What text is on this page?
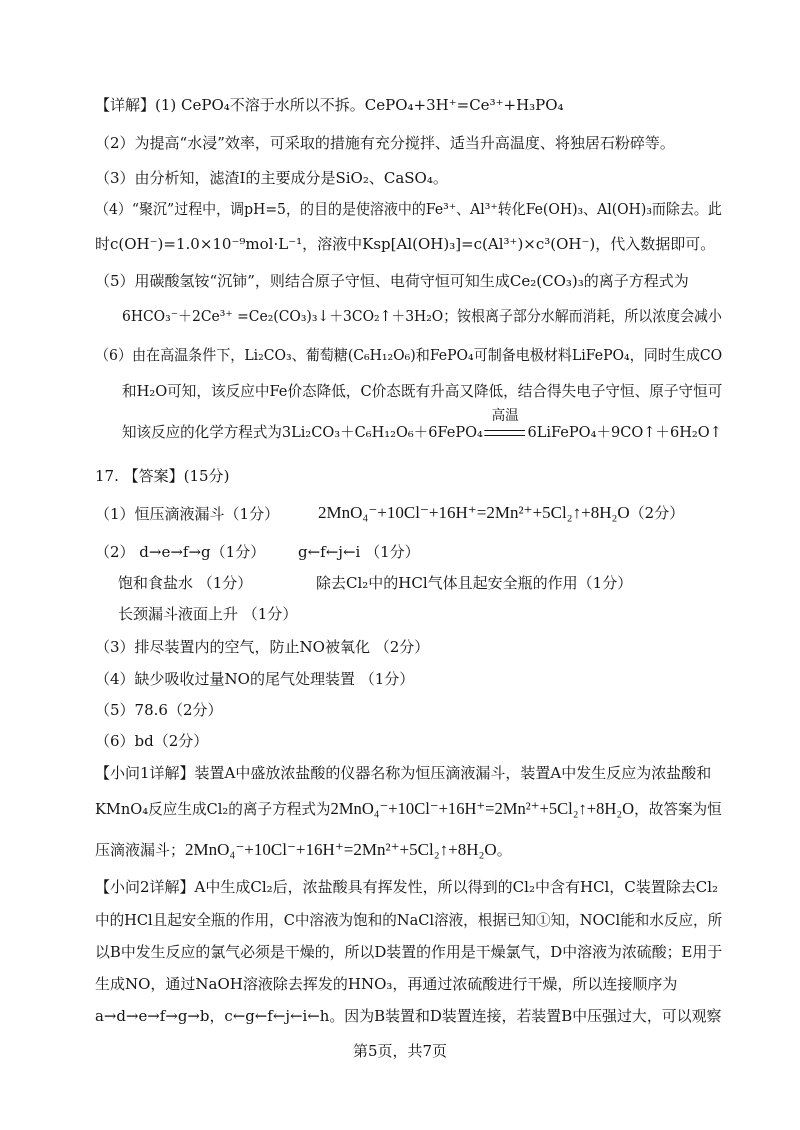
【详解】(1) CePO₄不溶于水所以不拆。CePO₄+3H⁺=Ce³⁺+H₃PO₄
（2）为提高“水浸”效率，可采取的措施有充分搅拌、适当升高温度、将独居石粉碎等。
（3）由分析知，滤渣Ⅰ的主要成分是SiO₂、CaSO₄。
（4）“聚沉”过程中，调pH=5，的目的是使溶液中的Fe³⁺、Al³⁺转化Fe(OH)₃、Al(OH)₃而除去。此
时c(OH⁻)=1.0×10⁻⁹mol·L⁻¹，溶液中Ksp[Al(OH)₃]=c(Al³⁺)×c³(OH⁻)，代入数据即可。
（5）用碳酸氢铵“沉铈”，则结合原子守恒、电荷守恒可知生成Ce₂(CO₃)₃的离子方程式为
6HCO₃⁻＋2Ce³⁺ =Ce₂(CO₃)₃↓＋3CO₂↑＋3H₂O；铵根离子部分水解而消耗，所以浓度会减小
（6）由在高温条件下，Li₂CO₃、葡萄糖(C₆H₁₂O₆)和FePO₄可制备电极材料LiFePO₄，同时生成CO
和H₂O可知，该反应中Fe价态降低，C价态既有升高又降低，结合得失电子守恒、原子守恒可
知该反应的化学方程式为3Li₂CO₃＋C₆H₁₂O₆＋6FePO₄
高温
6LiFePO₄＋9CO↑＋6H₂O↑
17. 【答案】(15分)
（1）恒压滴液漏斗（1分） 2MnO₄⁻+10Cl⁻+16H⁺=2Mn²⁺+5Cl₂↑+8H₂O（2分）
（2） d→e→f→g（1分） g←f←j←i （1分）
饱和食盐水 （1分）	除去Cl₂中的HCl气体且起安全瓶的作用（1分）
长颈漏斗液面上升 （1分）
（3）排尽装置内的空气，防止NO被氧化 （2分）
（4）缺少吸收过量NO的尾气处理装置 （1分）
（5）78.6（2分）
（6）bd（2分）
【小问1详解】装置A中盛放浓盐酸的仪器名称为恒压滴液漏斗，装置A中发生反应为浓盐酸和
KMnO₄反应生成Cl₂的离子方程式为2MnO₄⁻+10Cl⁻+16H⁺=2Mn²⁺+5Cl₂↑+8H₂O，故答案为恒
压滴液漏斗；2MnO₄⁻+10Cl⁻+16H⁺=2Mn²⁺+5Cl₂↑+8H₂O。
【小问2详解】A中生成Cl₂后，浓盐酸具有挥发性，所以得到的Cl₂中含有HCl，C装置除去Cl₂
中的HCl且起安全瓶的作用，C中溶液为饱和的NaCl溶液，根据已知①知，NOCl能和水反应，所
以B中发生反应的氯气必须是干燥的，所以D装置的作用是干燥氯气，D中溶液为浓硫酸；E用于
生成NO，通过NaOH溶液除去挥发的HNO₃，再通过浓硫酸进行干燥，所以连接顺序为
a→d→e→f→g→b，c←g←f←j←i←h。因为B装置和D装置连接，若装置B中压强过大，可以观察
第5页，共7页
